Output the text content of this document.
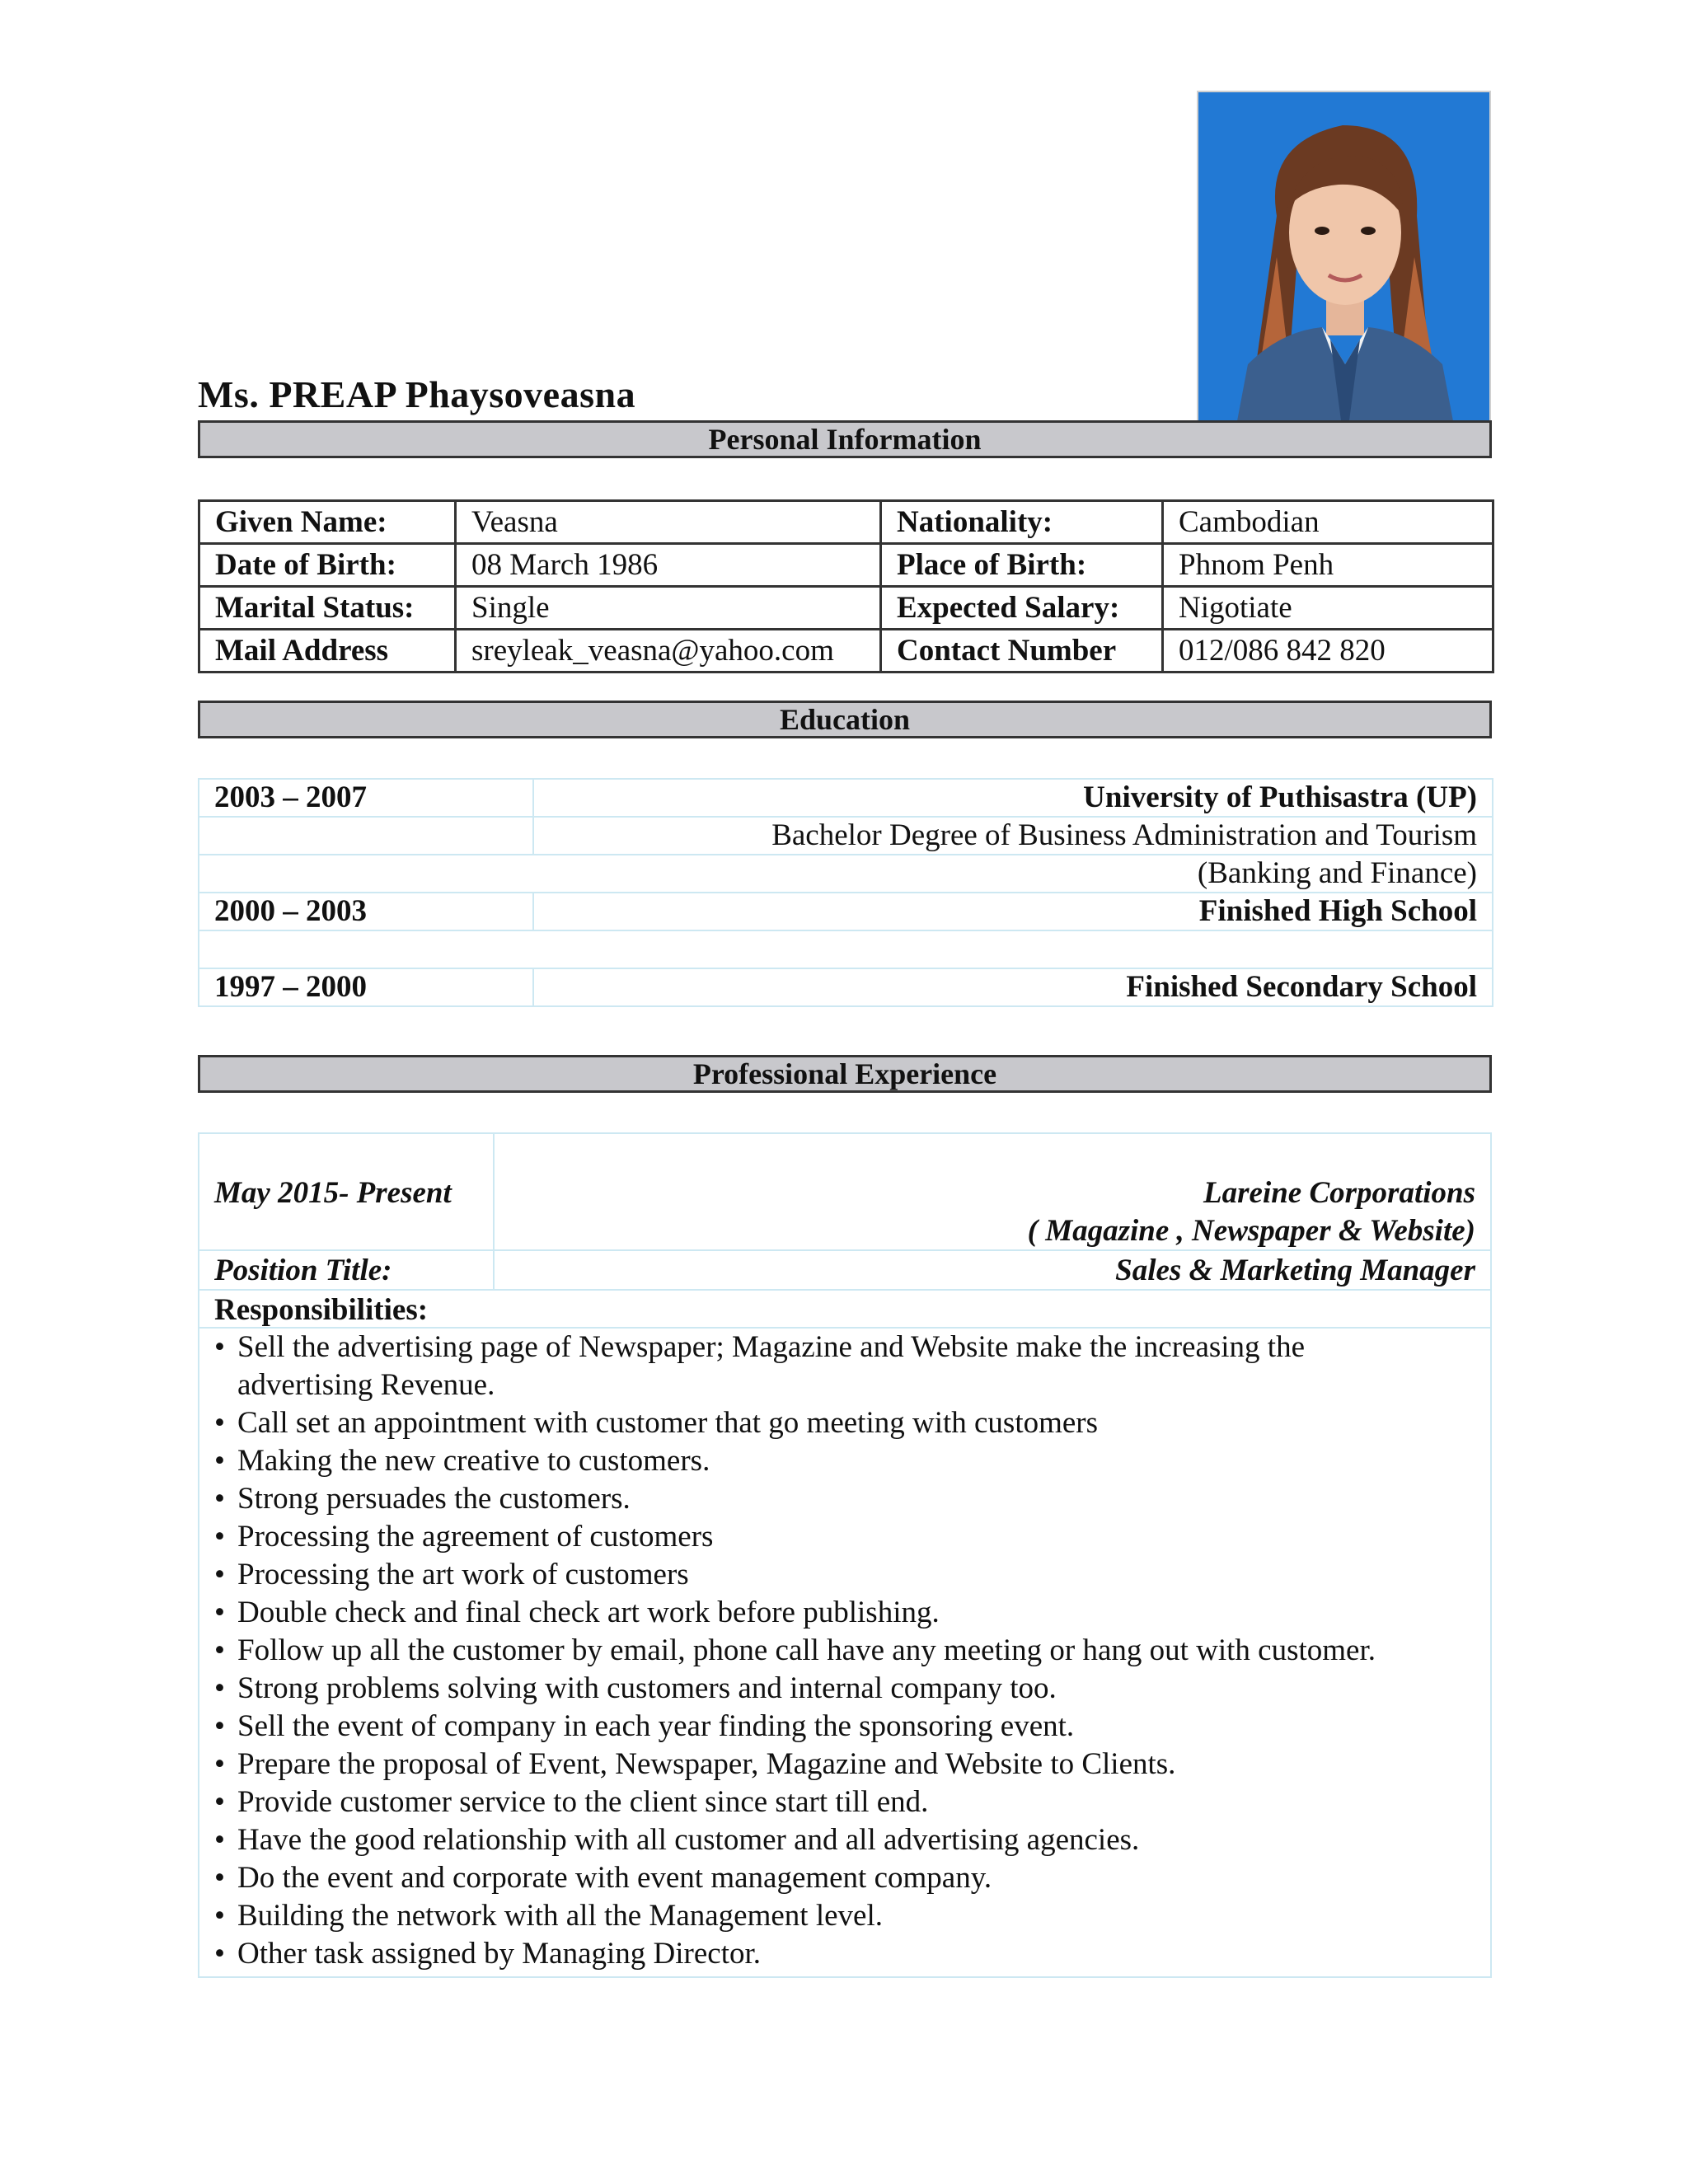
Ms. PREAP Phaysoveasna
Personal Information
Given Name:	Veasna	Nationality:	Cambodian
Date of Birth:	08 March 1986	Place of Birth:	Phnom Penh
Marital Status:	Single	Expected Salary:	Nigotiate
Mail Address	sreyleak_veasna@yahoo.com	Contact Number	012/086 842 820
Education
2003 – 2007	University of Puthisastra (UP)
	Bachelor Degree of Business Administration and Tourism
(Banking and Finance)	
2000 – 2003	Finished High School

1997 – 2000	Finished Secondary School
Professional Experience
May 2015- Present	Lareine Corporations
( Magazine , Newspaper & Website)
Position Title:	Sales & Marketing Manager
Responsibilities:
• Sell the advertising page of Newspaper; Magazine and Website make the increasing the
advertising Revenue.
• Call set an appointment with customer that go meeting with customers
• Making the new creative to customers.
• Strong persuades the customers.
• Processing the agreement of customers
• Processing the art work of customers
• Double check and final check art work before publishing.
• Follow up all the customer by email, phone call have any meeting or hang out with customer.
• Strong problems solving with customers and internal company too.
• Sell the event of company in each year finding the sponsoring event.
• Prepare the proposal of Event, Newspaper, Magazine and Website to Clients.
• Provide customer service to the client since start till end.
• Have the good relationship with all customer and all advertising agencies.
• Do the event and corporate with event management company.
• Building the network with all the Management level.
• Other task assigned by Managing Director.
